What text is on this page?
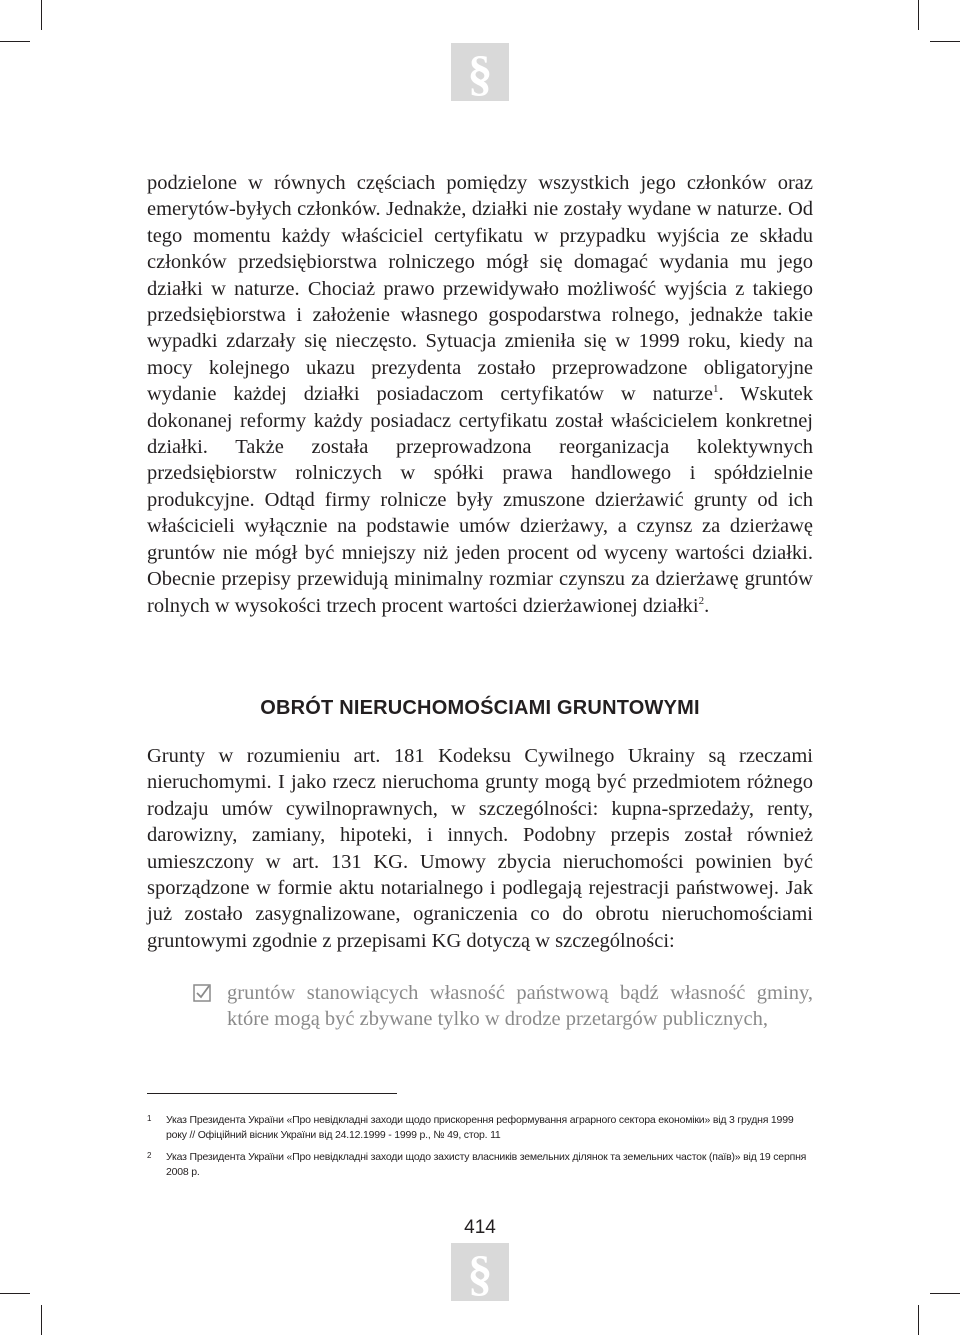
§
podzielone w równych częściach pomiędzy wszystkich jego członków oraz emerytów-byłych członków. Jednakże, działki nie zostały wydane w naturze. Od tego momentu każdy właściciel certyfikatu w przypadku wyjścia ze składu członków przedsiębiorstwa rolniczego mógł się domagać wydania mu jego działki w naturze. Chociaż prawo przewidywało możliwość wyjścia z takiego przedsiębiorstwa i założenie własnego gospodarstwa rolnego, jednakże takie wypadki zdarzały się nieczęsto. Sytuacja zmieniła się w 1999 roku, kiedy na mocy kolejnego ukazu prezydenta zostało przeprowadzone obligatoryjne wydanie każdej działki posiadaczom certyfikatów w naturze$^1$. Wskutek dokonanej reformy każdy posiadacz certyfikatu został właścicielem konkretnej działki. Także została przeprowadzona reorganizacja kolektywnych przedsiębiorstw rolniczych w spółki prawa handlowego i spółdzielnie produkcyjne. Odtąd firmy rolnicze były zmuszone dzierżawić grunty od ich właścicieli wyłącznie na podstawie umów dzierżawy, a czynsz za dzierżawę gruntów nie mógł być mniejszy niż jeden procent od wyceny wartości działki. Obecnie przepisy przewidują minimalny rozmiar czynszu za dzierżawę gruntów rolnych w wysokości trzech procent wartości dzierżawionej działki$^2$.
OBRÓT NIERUCHOMOŚCIAMI GRUNTOWYMI
Grunty w rozumieniu art. 181 Kodeksu Cywilnego Ukrainy są rzeczami nieruchomymi. I jako rzecz nieruchoma grunty mogą być przedmiotem różnego rodzaju umów cywilnoprawnych, w szczególności: kupna-sprzedaży, renty, darowizny, zamiany, hipoteki, i innych. Podobny przepis został również umieszczony w art. 131 KG. Umowy zbycia nieruchomości powinien być sporządzone w formie aktu notarialnego i podlegają rejestracji państwowej. Jak już zostało zasygnalizowane, ograniczenia co do obrotu nieruchomościami gruntowymi zgodnie z przepisami KG dotyczą w szczególności:
gruntów stanowiących własność państwową bądź własność gminy, które mogą być zbywane tylko w drodze przetargów publicznych,
1 Указ Президента України «Про невідкладні заходи щодо прискорення реформування аграрного сектора економіки» від 3 грудня 1999 року // Офіційний вісник України від 24.12.1999 - 1999 р., № 49, стор. 11
2 Указ Президента України «Про невідкладні заходи щодо захисту власників земельних ділянок та земельних часток (паїв)» від 19 серпня 2008 р.
414
§
